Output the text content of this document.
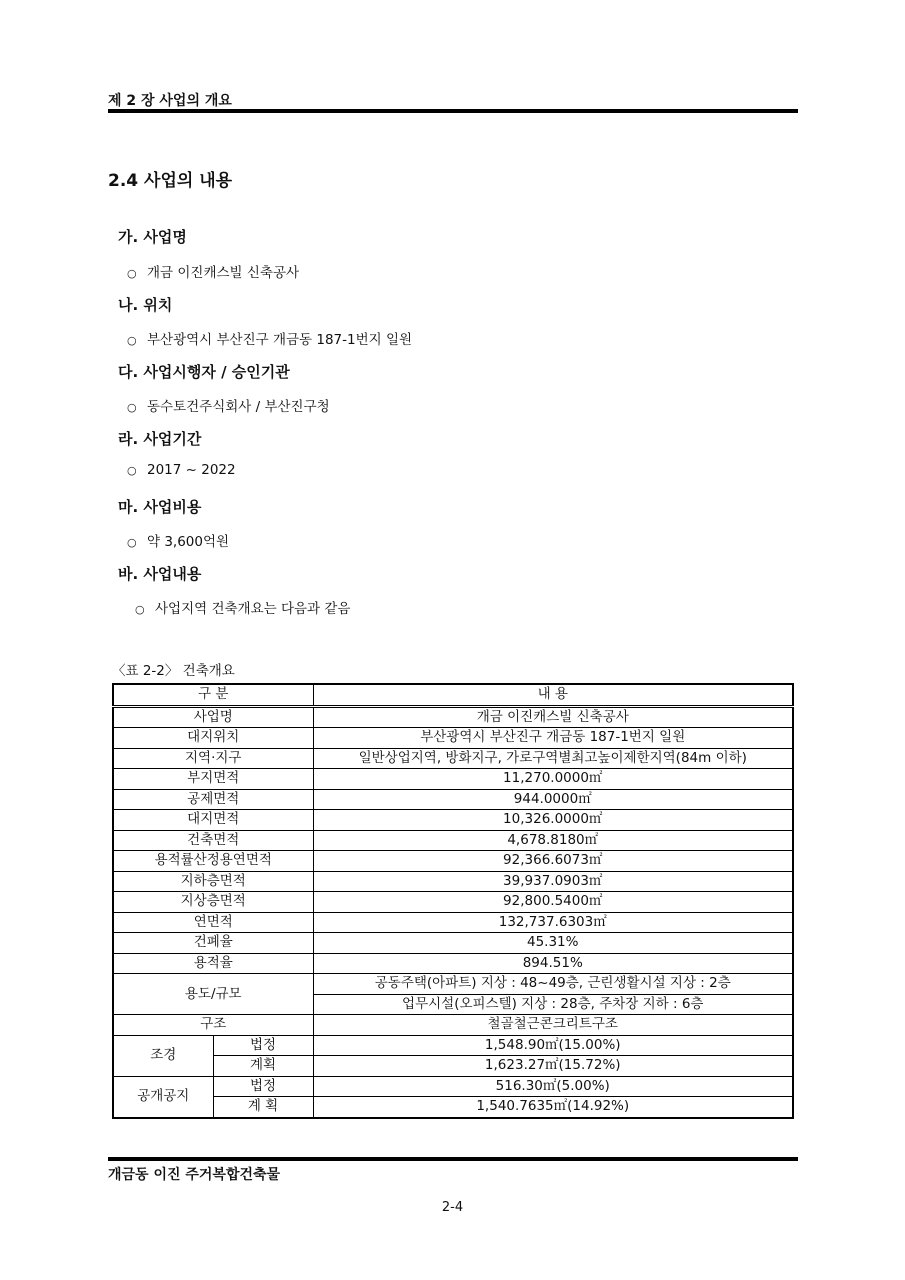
제 2 장 사업의 개요
2.4 사업의 내용
가. 사업명
○ 개금 이진캐스빌 신축공사
나. 위치
○ 부산광역시 부산진구 개금동 187-1번지 일원
다. 사업시행자 / 승인기관
○ 동수토건주식회사 / 부산진구청
라. 사업기간
○ 2017 ~ 2022
마. 사업비용
○ 약 3,600억원
바. 사업내용
○ 사업지역 건축개요는 다음과 같음
〈표 2-2〉 건축개요
구 분		내 용
사업명		개금 이진캐스빌 신축공사
대지위치		부산광역시 부산진구 개금동 187-1번지 일원
지역·지구		일반상업지역, 방화지구, 가로구역별최고높이제한지역(84m 이하)
부지면적		11,270.0000㎡
공제면적		944.0000㎡
대지면적		10,326.0000㎡
건축면적		4,678.8180㎡
용적률산정용연면적		92,366.6073㎡
지하층면적		39,937.0903㎡
지상층면적		92,800.5400㎡
연면적		132,737.6303㎡
건폐율		45.31%
용적율		894.51%
용도/규모		공동주택(아파트) 지상 : 48~49층, 근린생활시설 지상 : 2층
		업무시설(오피스텔) 지상 : 28층, 주차장 지하 : 6층
구조		철골철근콘크리트구조
조경	법정	1,548.90㎡(15.00%)
	계획	1,623.27㎡(15.72%)
공개공지	법정	516.30㎡(5.00%)
	계 획	1,540.7635㎡(14.92%)
개금동 이진 주거복합건축물
2-4
